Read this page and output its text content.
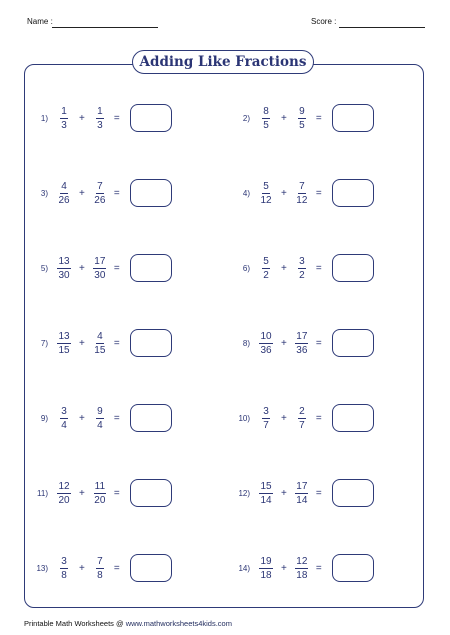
Name :	Score :
Adding Like Fractions
$1) \frac{1}{3} + \frac{1}{3}$ =	$2) \frac{8}{5} + \frac{9}{5}$ =
$3) \frac{4}{26} + \frac{7}{26}$ =	$4) \frac{5}{12} + \frac{7}{12}$ =
$5) \frac{13}{30} + \frac{17}{30}$ =	$6) \frac{5}{2} + \frac{3}{2}$ =
$7) \frac{13}{15} + \frac{4}{15}$ =	$8) \frac{10}{36} + \frac{17}{36}$ =
$9) \frac{3}{4} + \frac{9}{4}$ =	$10) \frac{3}{7} + \frac{2}{7}$ =
$11) \frac{12}{20} + \frac{11}{20}$ =	$12) \frac{15}{14} + \frac{17}{14}$ =
$13) \frac{3}{8} + \frac{7}{8}$ =	$14) \frac{19}{18} + \frac{12}{18}$ =
Printable Math Worksheets @ www.mathworksheets4kids.com
